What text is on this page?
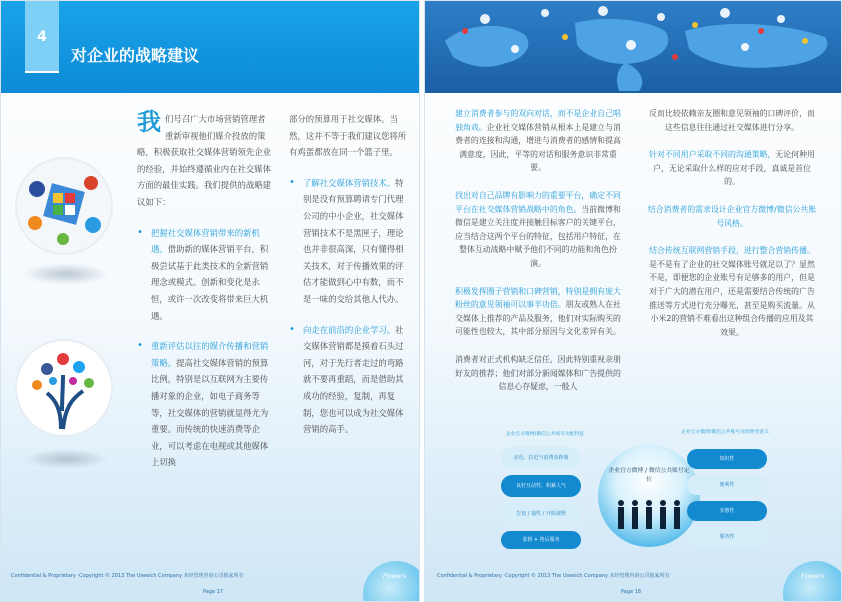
4
对企业的战略建议
我们号召广大市场营销管理者重新审视他们媒介投放的策略，积极获取社交媒体营销领先企业的经验，并始终遵循业内在社交媒体方面的最佳实践。我们提供的战略建议如下：
• 把握社交媒体营销带来的新机遇。借助新的媒体营销平台，积极尝试基于此类技术的全新营销理念或模式。创新和变化是永恒，或许一次改变将带来巨大机遇。
• 重新评估以往的媒介传播和营销策略。提高社交媒体营销的预算比例，特别是以互联网为主要传播对象的企业，如电子商务等等，社交媒体的营销就显得尤为重要。而传统的快速消费等企业，可以考虑在电视或其他媒体上切换
部分的预算用于社交媒体。当然，这并不等于我们建议您将所有鸡蛋都放在同一个篮子里。
• 了解社交媒体营销技术。特别是没有预算聘请专门代理公司的中小企业，社交媒体营销技术不是黑匣子，理论也并非很高深，只有懂得相关技术，对于传播效果的评估才能做到心中有数，而不是一味的交给其他人代办。
• 向走在前沿的企业学习。社交媒体营销都是摸着石头过河，对于先行者走过的弯路就不要再重蹈，而是借助其成功的经验，复制，再复制，您也可以成为社交媒体营销的高手。
Confidential & Proprietary ·Copyright © 2013 The Useeich Company 未经管理咨询公司独家所有
Page 17
Flowers
建立消费者参与的双向对话，而不是企业自己唱独角戏。企业社交媒体营销从根本上是建立与消费者的连接和沟通，增进与消费者的感情和提高满意度，因此，平等的对话和服务意识非常重要。
找出对自己品牌有影响力的重要平台，确定不同平台在社交媒体营销战略中的角色。当前微博和微信是建立关注度并接触目标客户的关键平台，应当结合这两个平台的特征，包括用户特征，在整体互动战略中赋予他们不同的功能和角色扮演。
积极发挥圈子营销和口碑营销，特别是拥有庞大粉丝的意见领袖可以事半功倍。朋友或熟人在社交媒体上推荐的产品及服务，他们对实际购买的可能性也较大，其中部分原因与文化差异有关。
消费者对正式机构缺乏信任，因此特别重视亲朋好友的推荐；他们对部分新闻媒体和广告提供的信息心存疑虑，一般人
反而比较依赖亲友圈和意见领袖的口碑评价，而这些信息往往通过社交媒体进行分享。
针对不同用户采取不同的沟通策略，无论何种用户，无论采取什么样的应对手段，真诚是首位的。
结合消费者的需求设计企业官方微博/微信公共账号风格。
结合传统互联网营销手段，进行整合营销传播。是不是有了企业的社交媒体账号就足以了？显然不是，即便您的企业账号有足够多的用户，但是对于广大的潜在用户，还是需要结合传统的广告推送等方式进行充分曝光，甚至是购买流量。从小米2的营销不难看出这种组合传播的应用及其效果。
企业官方微博/微信公共账号功能特征	企业官方微博/微信公共账号对消费者意义
亲近、拉近与消费者距离
良好互动性，积累人气
告知 / 抽奖 / 开拓视野
监督 + 售后服务
企业官方微博 / 微信公共账号定位
知识性
便利性
实惠性
服务性
Confidential & Proprietary ·Copyright © 2013 The Useeich Company 未经管理咨询公司独家所有
Page 18
Flowers
